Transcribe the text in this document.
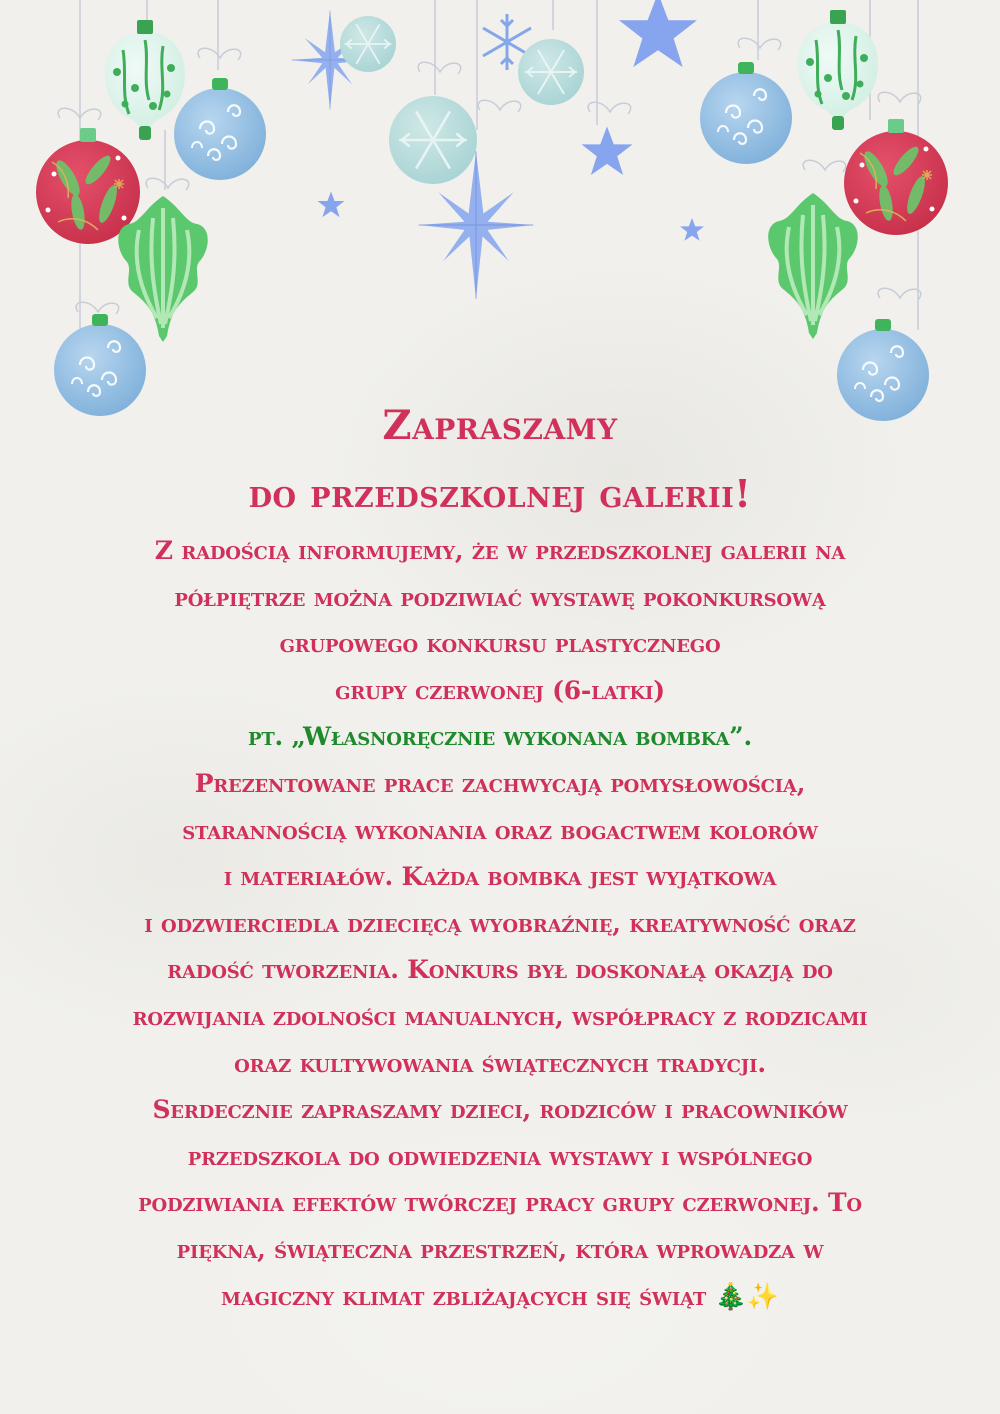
Zapraszamy
do przedszkolnej galerii!

Z radością informujemy, że w przedszkolnej galerii na

półpiętrze można podziwiać wystawę pokonkursową

grupowego konkursu plastycznego

grupy czerwonej (6-latki)

pt. „Własnoręcznie wykonana bombka”.

Prezentowane prace zachwycają pomysłowością,

starannością wykonania oraz bogactwem kolorów

i materiałów. Każda bombka jest wyjątkowa

i odzwierciedla dziecięcą wyobraźnię, kreatywność oraz

radość tworzenia. Konkurs był doskonałą okazją do

rozwijania zdolności manualnych, współpracy z rodzicami

oraz kultywowania świątecznych tradycji.

Serdecznie zapraszamy dzieci, rodziców i pracowników

przedszkola do odwiedzenia wystawy i wspólnego

podziwiania efektów twórczej pracy grupy czerwonej. To

piękna, świąteczna przestrzeń, która wprowadza w

magiczny klimat zbliżających się świąt 🎄✨
